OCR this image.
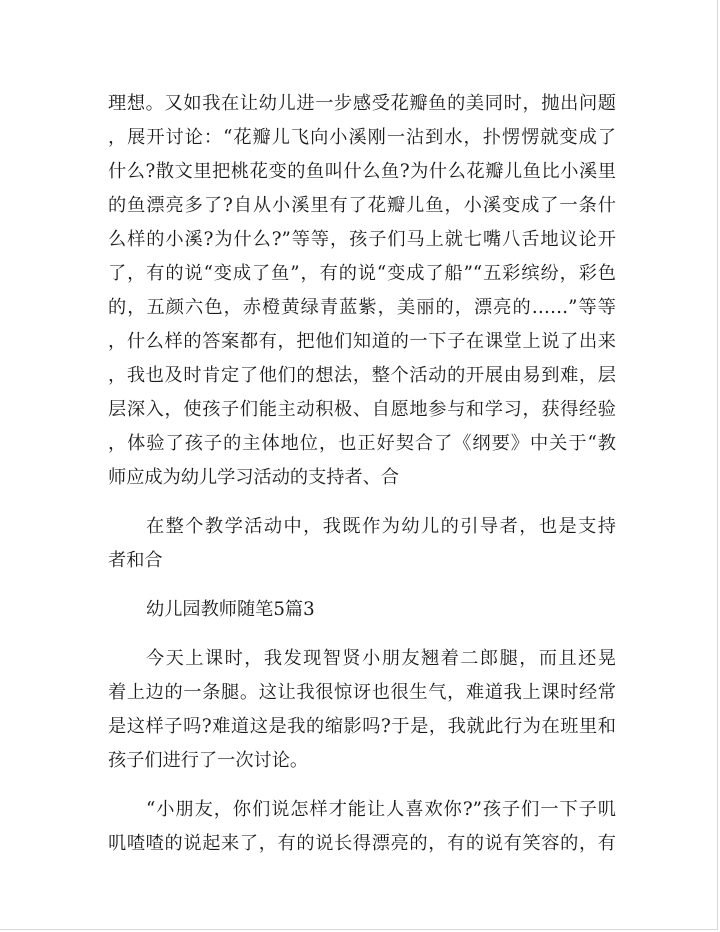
理想。又如我在让幼儿进一步感受花瓣鱼的美同时，抛出问题
，展开讨论：“花瓣儿飞向小溪刚一沾到水，扑愣愣就变成了
什么?散文里把桃花变的鱼叫什么鱼?为什么花瓣儿鱼比小溪里
的鱼漂亮多了?自从小溪里有了花瓣儿鱼，小溪变成了一条什
么样的小溪?为什么?”等等，孩子们马上就七嘴八舌地议论开
了，有的说“变成了鱼”，有的说“变成了船”“五彩缤纷，彩色
的，五颜六色，赤橙黄绿青蓝紫，美丽的，漂亮的……”等等
，什么样的答案都有，把他们知道的一下子在课堂上说了出来
，我也及时肯定了他们的想法，整个活动的开展由易到难，层
层深入，使孩子们能主动积极、自愿地参与和学习，获得经验
，体验了孩子的主体地位，也正好契合了《纲要》中关于“教
师应成为幼儿学习活动的支持者、合
在整个教学活动中，我既作为幼儿的引导者，也是支持
者和合
幼儿园教师随笔5篇3
今天上课时，我发现智贤小朋友翘着二郎腿，而且还晃
着上边的一条腿。这让我很惊讶也很生气，难道我上课时经常
是这样子吗?难道这是我的缩影吗?于是，我就此行为在班里和
孩子们进行了一次讨论。
“小朋友，你们说怎样才能让人喜欢你?”孩子们一下子叽
叽喳喳的说起来了，有的说长得漂亮的，有的说有笑容的，有
